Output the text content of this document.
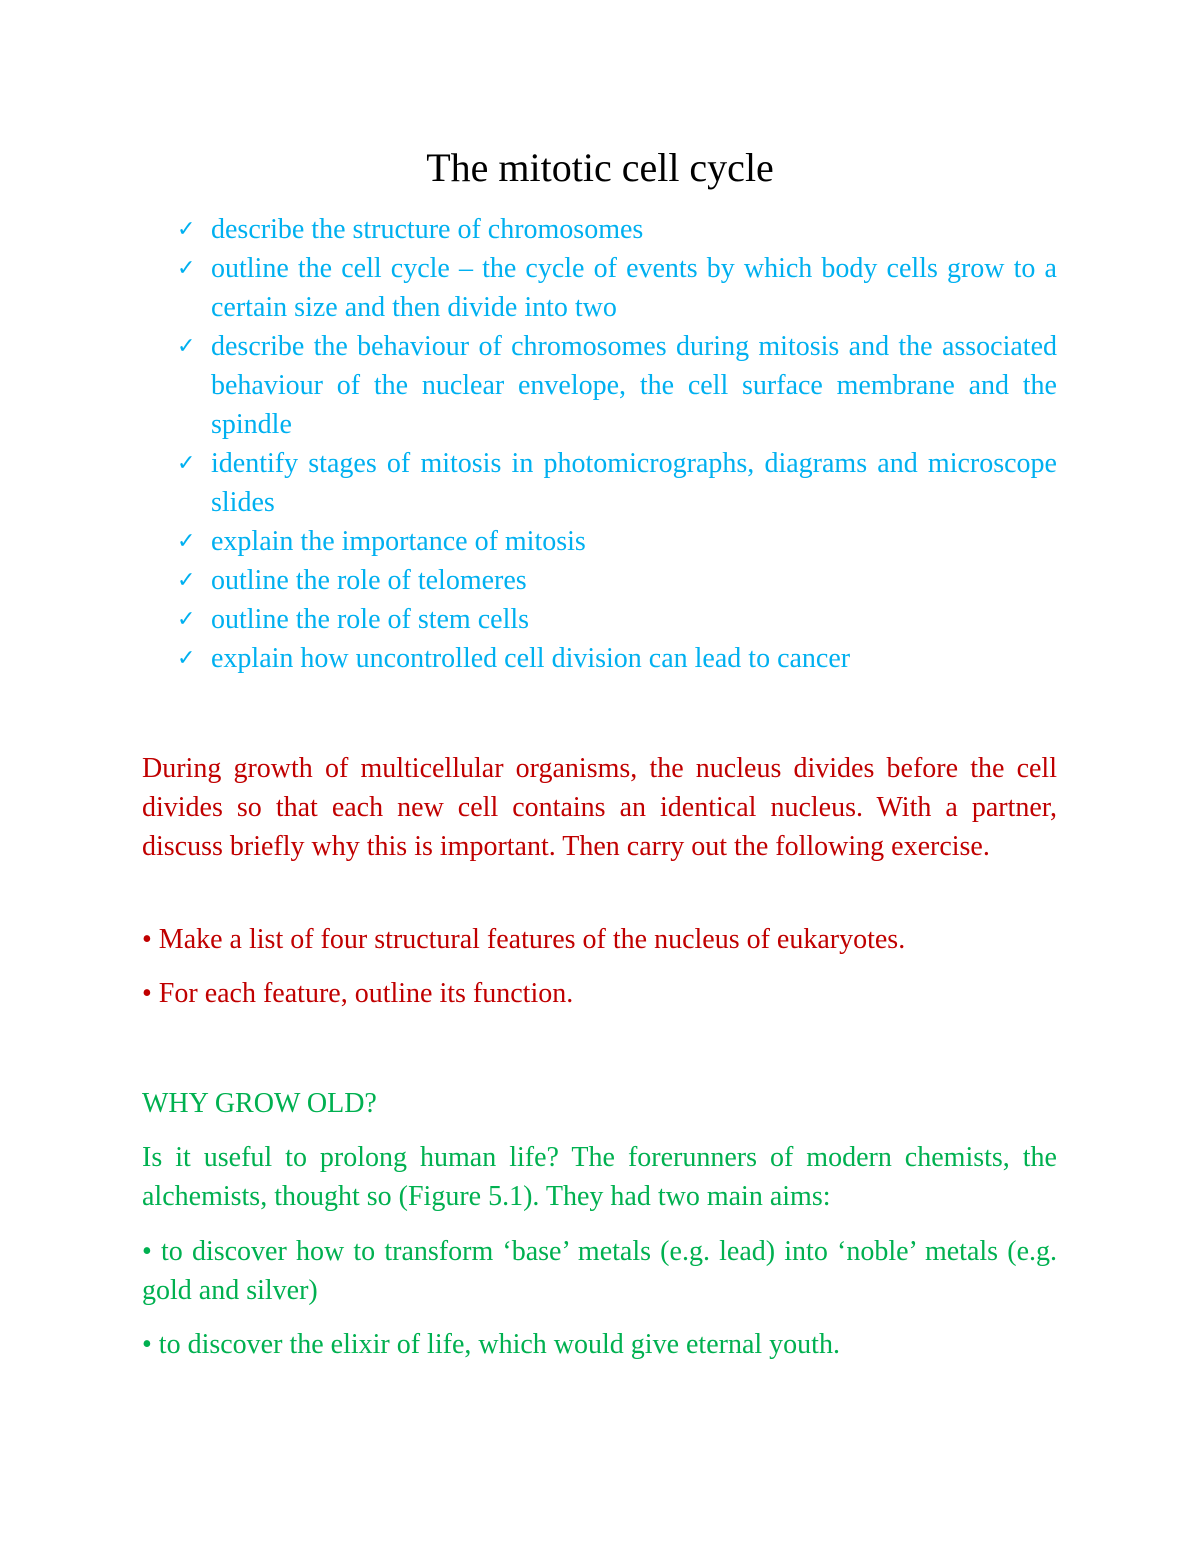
The mitotic cell cycle
✓ describe the structure of chromosomes
✓ outline the cell cycle – the cycle of events by which body cells grow to a certain size and then divide into two
✓ describe the behaviour of chromosomes during mitosis and the associated behaviour of the nuclear envelope, the cell surface membrane and the spindle
✓ identify stages of mitosis in photomicrographs, diagrams and microscope slides
✓ explain the importance of mitosis
✓ outline the role of telomeres
✓ outline the role of stem cells
✓ explain how uncontrolled cell division can lead to cancer

During growth of multicellular organisms, the nucleus divides before the cell divides so that each new cell contains an identical nucleus. With a partner, discuss briefly why this is important. Then carry out the following exercise.

• Make a list of four structural features of the nucleus of eukaryotes.

• For each feature, outline its function.

WHY GROW OLD?

Is it useful to prolong human life? The forerunners of modern chemists, the alchemists, thought so (Figure 5.1). They had two main aims:

• to discover how to transform ‘base’ metals (e.g. lead) into ‘noble’ metals (e.g. gold and silver)

• to discover the elixir of life, which would give eternal youth.
